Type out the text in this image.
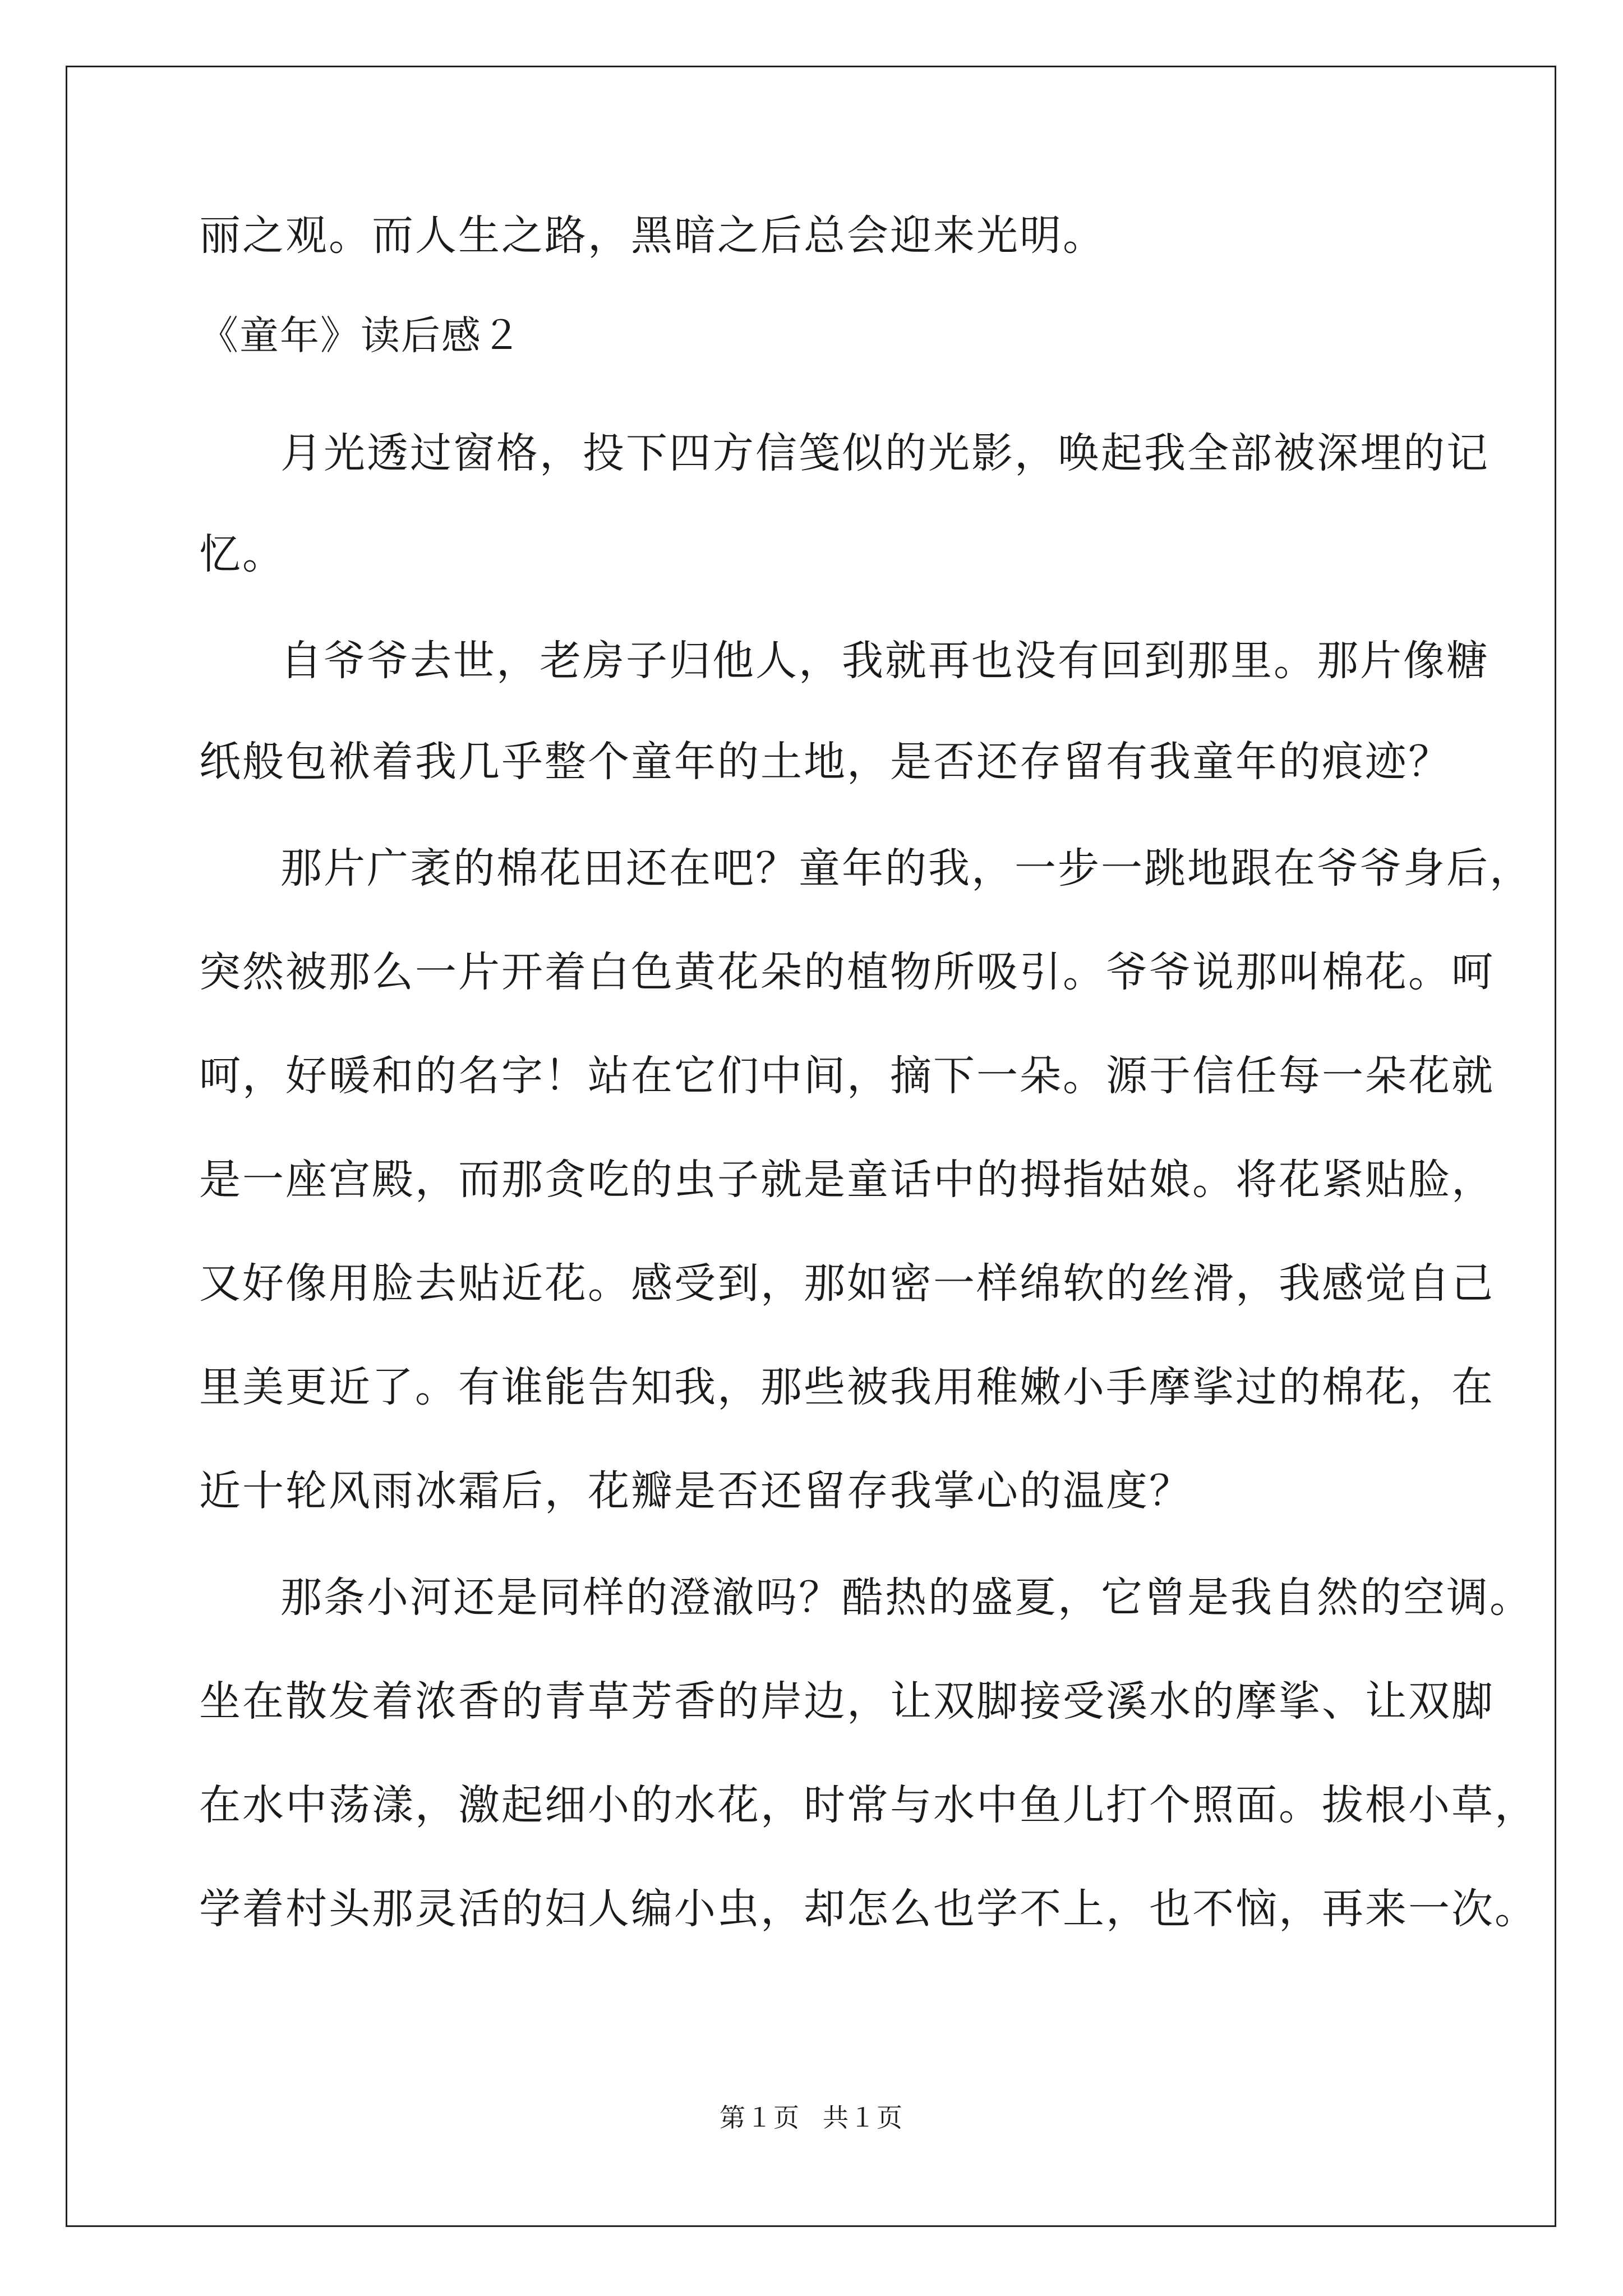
丽之观。而人生之路，黑暗之后总会迎来光明。
《童年》读后感２
月光透过窗格，投下四方信笺似的光影，唤起我全部被深埋的记
忆。
自爷爷去世，老房子归他人，我就再也没有回到那里。那片像糖
纸般包袱着我几乎整个童年的土地，是否还存留有我童年的痕迹？
那片广袤的棉花田还在吧？童年的我，一步一跳地跟在爷爷身后，
突然被那么一片开着白色黄花朵的植物所吸引。爷爷说那叫棉花。呵
呵，好暖和的名字！站在它们中间，摘下一朵。源于信任每一朵花就
是一座宫殿，而那贪吃的虫子就是童话中的拇指姑娘。将花紧贴脸，
又好像用脸去贴近花。感受到，那如密一样绵软的丝滑，我感觉自己
里美更近了。有谁能告知我，那些被我用稚嫩小手摩挲过的棉花，在
近十轮风雨冰霜后，花瓣是否还留存我掌心的温度？
那条小河还是同样的澄澈吗？酷热的盛夏，它曾是我自然的空调。
坐在散发着浓香的青草芳香的岸边，让双脚接受溪水的摩挲、让双脚
在水中荡漾，激起细小的水花，时常与水中鱼儿打个照面。拔根小草，
学着村头那灵活的妇人编小虫，却怎么也学不上，也不恼，再来一次。
第１页 共１页
